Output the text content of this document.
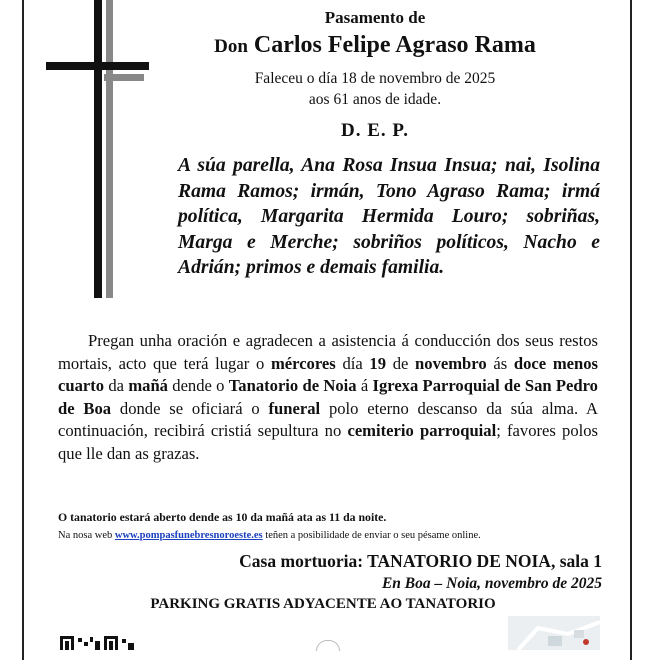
Pasamento de
Don Carlos Felipe Agraso Rama
Faleceu o día 18 de novembro de 2025
aos 61 anos de idade.
D. E. P.
A súa parella, Ana Rosa Insua Insua; nai, Isolina Rama Ramos; irmán, Tono Agraso Rama; irmá política, Margarita Hermida Louro; sobriñas, Marga e Merche; sobriños políticos, Nacho e Adrián; primos e demais familia.
Pregan unha oración e agradecen a asistencia á conducción dos seus restos mortais, acto que terá lugar o mércores día 19 de novembro ás doce menos cuarto da mañá dende o Tanatorio de Noia á Igrexa Parroquial de San Pedro de Boa donde se oficiará o funeral polo eterno descanso da súa alma. A continuación, recibirá cristiá sepultura no cemiterio parroquial; favores polos que lle dan as grazas.
O tanatorio estará aberto dende as 10 da mañá ata as 11 da noite.
Na nosa web www.pompasfunebresnoroeste.es teñen a posibilidade de enviar o seu pésame online.
Casa mortuoria: TANATORIO DE NOIA, sala 1
En Boa – Noia, novembro de 2025
PARKING GRATIS ADYACENTE AO TANATORIO
